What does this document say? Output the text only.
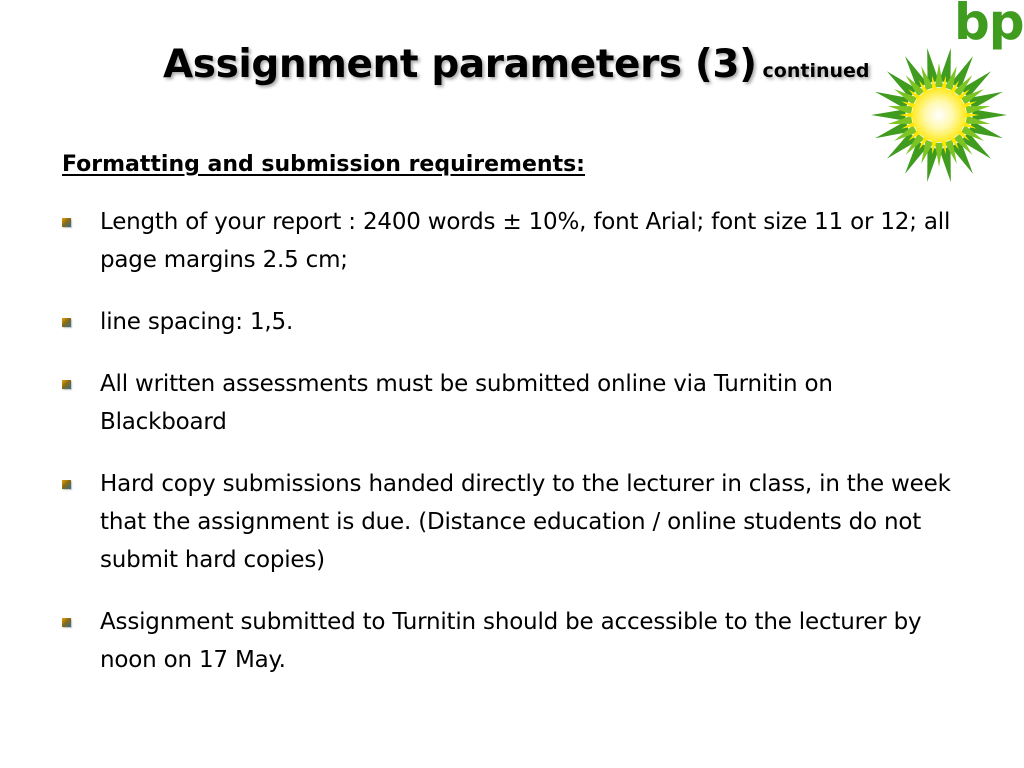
Assignment parameters (3) continued
bp
Formatting and submission requirements:
Length of your report : 2400 words ± 10%, font Arial; font size 11 or 12; all page margins 2.5 cm;
line spacing: 1,5.
All written assessments must be submitted online via Turnitin on Blackboard
Hard copy submissions handed directly to the lecturer in class, in the week that the assignment is due. (Distance education / online students do not submit hard copies)
Assignment submitted to Turnitin should be accessible to the lecturer by noon on 17 May.
